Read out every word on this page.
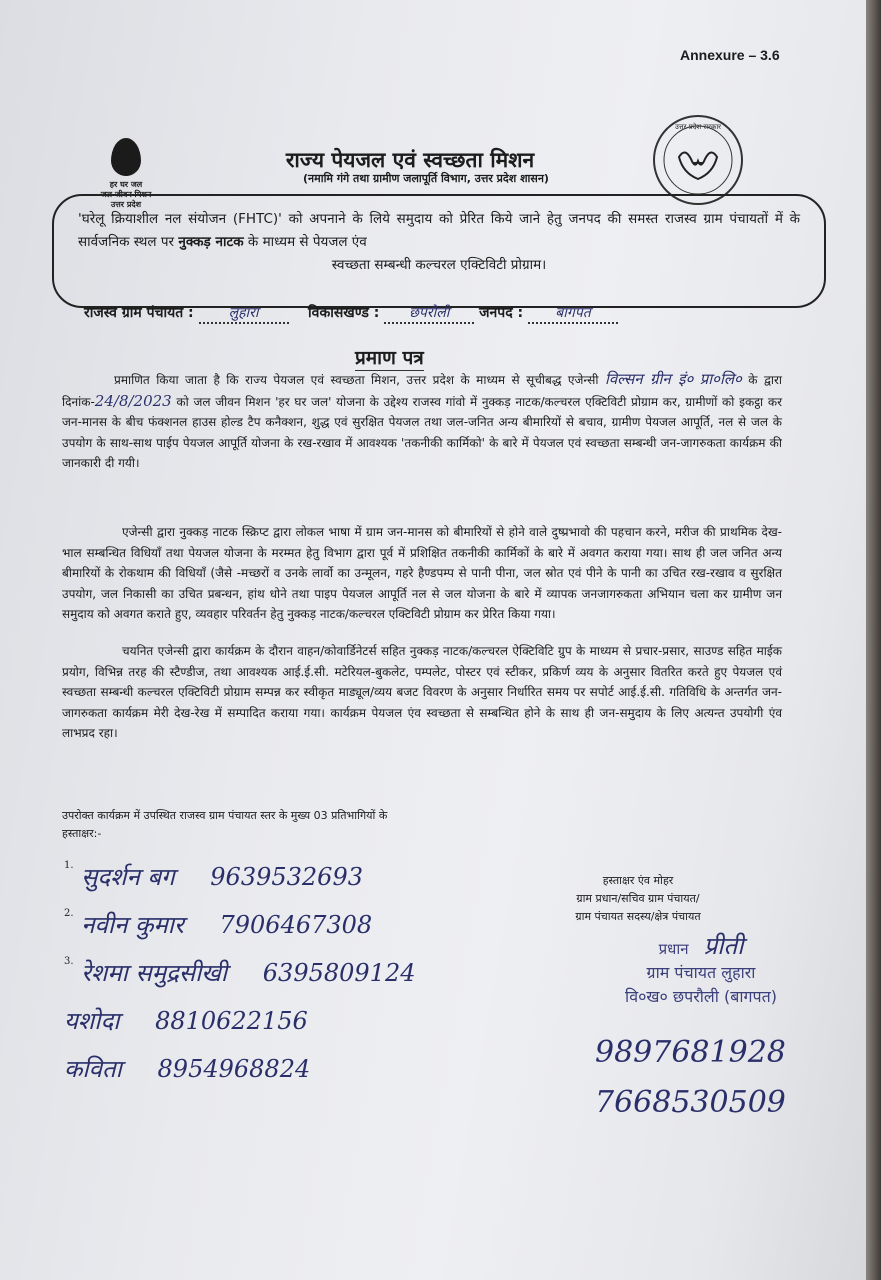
Annexure – 3.6
हर घर जल
जल जीवन मिशन
उत्तर प्रदेश
राज्य पेयजल एवं स्वच्छता मिशन
(नमामि गंगे तथा ग्रामीण जलापूर्ति विभाग, उत्तर प्रदेश शासन)
उत्तर प्रदेश सरकार
'घरेलू क्रियाशील नल संयोजन (FHTC)' को अपनाने के लिये समुदाय को प्रेरित किये जाने हेतु जनपद की समस्त राजस्व ग्राम पंचायतों में के सार्वजनिक स्थल पर नुक्कड़ नाटक के माध्यम से पेयजल एंव
स्वच्छता सम्बन्धी कल्चरल एक्टिविटी प्रोग्राम।
राजस्व ग्राम पंचायत : लुहारा	विकासखण्ड : छपरौली जनपद : बागपत
प्रमाण पत्र
प्रमाणित किया जाता है कि राज्य पेयजल एवं स्वच्छता मिशन, उत्तर प्रदेश के माध्यम से सूचीबद्ध एजेन्सी विल्सन ग्रीन इं० प्रा०लि० के द्वारा दिनांक-24/8/2023 को जल जीवन मिशन 'हर घर जल' योजना के उद्देश्य राजस्व गांवो में नुक्कड़ नाटक/कल्चरल एक्टिविटी प्रोग्राम कर, ग्रामीणों को इकट्ठा कर जन-मानस के बीच फंक्शनल हाउस होल्ड टैप कनैक्शन, शुद्ध एवं सुरक्षित पेयजल तथा जल-जनित अन्य बीमारियों से बचाव, ग्रामीण पेयजल आपूर्ति, नल से जल के उपयोग के साथ-साथ पाईप पेयजल आपूर्ति योजना के रख-रखाव में आवश्यक 'तकनीकी कार्मिको' के बारे में पेयजल एवं स्वच्छता सम्बन्धी जन-जागरुकता कार्यक्रम की जानकारी दी गयी।
एजेन्सी द्वारा नुक्कड़ नाटक स्क्रिप्ट द्वारा लोकल भाषा में ग्राम जन-मानस को बीमारियों से होने वाले दुष्प्रभावो की पहचान करने, मरीज की प्राथमिक देख-भाल सम्बन्धित विधियाँ तथा पेयजल योजना के मरम्मत हेतु विभाग द्वारा पूर्व में प्रशिक्षित तकनीकी कार्मिकों के बारे में अवगत कराया गया। साथ ही जल जनित अन्य बीमारियों के रोकथाम की विधियाँ (जैसे -मच्छरों व उनके लार्वो का उन्मूलन, गहरे हैण्डपम्प से पानी पीना, जल स्रोत एवं पीने के पानी का उचित रख-रखाव व सुरक्षित उपयोग, जल निकासी का उचित प्रबन्धन, हांथ धोने तथा पाइप पेयजल आपूर्ति नल से जल योजना के बारे में व्यापक जनजागरुकता अभियान चला कर ग्रामीण जन समुदाय को अवगत कराते हुए, व्यवहार परिवर्तन हेतु नुक्कड़ नाटक/कल्चरल एक्टिविटी प्रोग्राम कर प्रेरित किया गया।
चयनित एजेन्सी द्वारा कार्यक्रम के दौरान वाहन/कोवार्डिनेटर्स सहित नुक्कड़ नाटक/कल्चरल ऐक्टिविटि ग्रुप के माध्यम से प्रचार-प्रसार, साउण्ड सहित माईक प्रयोग, विभिन्न तरह की स्टैण्डीज, तथा आवश्यक आई.ई.सी. मटेरियल-बुकलेट, पम्पलेट, पोस्टर एवं स्टीकर, प्रकिर्ण व्यय के अनुसार वितरित करते हुए पेयजल एवं स्वच्छता सम्बन्धी कल्चरल एक्टिविटी प्रोग्राम सम्पन्न कर स्वीकृत माड्यूल/व्यय बजट विवरण के अनुसार निर्धारित समय पर सपोर्ट आई.ई.सी. गतिविधि के अन्तर्गत जन-जागरुकता कार्यक्रम मेरी देख-रेख में सम्पादित कराया गया। कार्यक्रम पेयजल एंव स्वच्छता से सम्बन्धित होने के साथ ही जन-समुदाय के लिए अत्यन्त उपयोगी एंव लाभप्रद रहा।
उपरोक्त कार्यक्रम में उपस्थित राजस्व ग्राम पंचायत स्तर के मुख्य 03 प्रतिभागियों के
हस्ताक्षर:-
$^{1.}$ सुदर्शन बग 9639532693
$^{2.}$ नवीन कुमार 7906467308
$^{3.}$ रेशमा समुद्रसीखी 6395809124
यशोदा 8810622156
कविता 8954968824
हस्ताक्षर एंव मोहर
ग्राम प्रधान/सचिव ग्राम पंचायत/
ग्राम पंचायत सदस्य/क्षेत्र पंचायत
प्रधान प्रीती
ग्राम पंचायत लुहारा
वि०ख० छपरौली (बागपत)
9897681928
7668530509
